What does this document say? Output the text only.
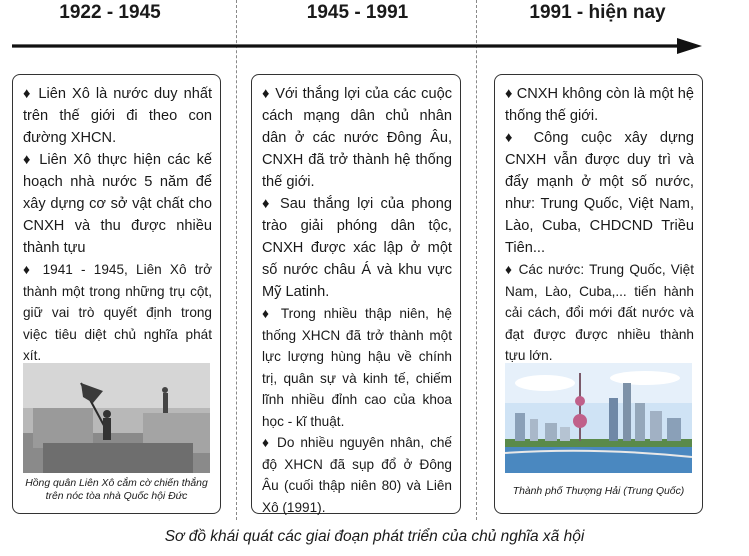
1922 - 1945	1945 - 1991	1991 - hiện nay

♦ Liên Xô là nước duy nhất trên thế giới đi theo con đường XHCN.

♦ Liên Xô thực hiện các kế hoạch nhà nước 5 năm để xây dựng cơ sở vật chất cho CNXH và thu được nhiều thành tựu

♦ 1941 - 1945, Liên Xô trở thành một trong những trụ cột, giữ vai trò quyết định trong việc tiêu diệt chủ nghĩa phát xít.

Hồng quân Liên Xô cắm cờ chiến thắng trên nóc tòa nhà Quốc hội Đức

♦ Với thắng lợi của các cuộc cách mạng dân chủ nhân dân ở các nước Đông Âu, CNXH đã trở thành hệ thống thế giới.

♦ Sau thắng lợi của phong trào giải phóng dân tộc, CNXH được xác lập ở một số nước châu Á và khu vực Mỹ Latinh.

♦ Trong nhiều thập niên, hệ thống XHCN đã trở thành một lực lượng hùng hậu về chính trị, quân sự và kinh tế, chiếm lĩnh nhiều đỉnh cao của khoa học - kĩ thuật.

♦ Do nhiều nguyên nhân, chế độ XHCN đã sụp đổ ở Đông Âu (cuối thập niên 80) và Liên Xô (1991).

♦ CNXH không còn là một hệ thống thế giới.

♦ Công cuộc xây dựng CNXH vẫn được duy trì và đẩy mạnh ở một số nước, như: Trung Quốc, Việt Nam, Lào, Cuba, CHDCND Triều Tiên...

♦ Các nước: Trung Quốc, Việt Nam, Lào, Cuba,... tiến hành cải cách, đổi mới đất nước và đạt được được nhiều thành tựu lớn.

Thành phố Thượng Hải (Trung Quốc)
Sơ đồ khái quát các giai đoạn phát triển của chủ nghĩa xã hội
